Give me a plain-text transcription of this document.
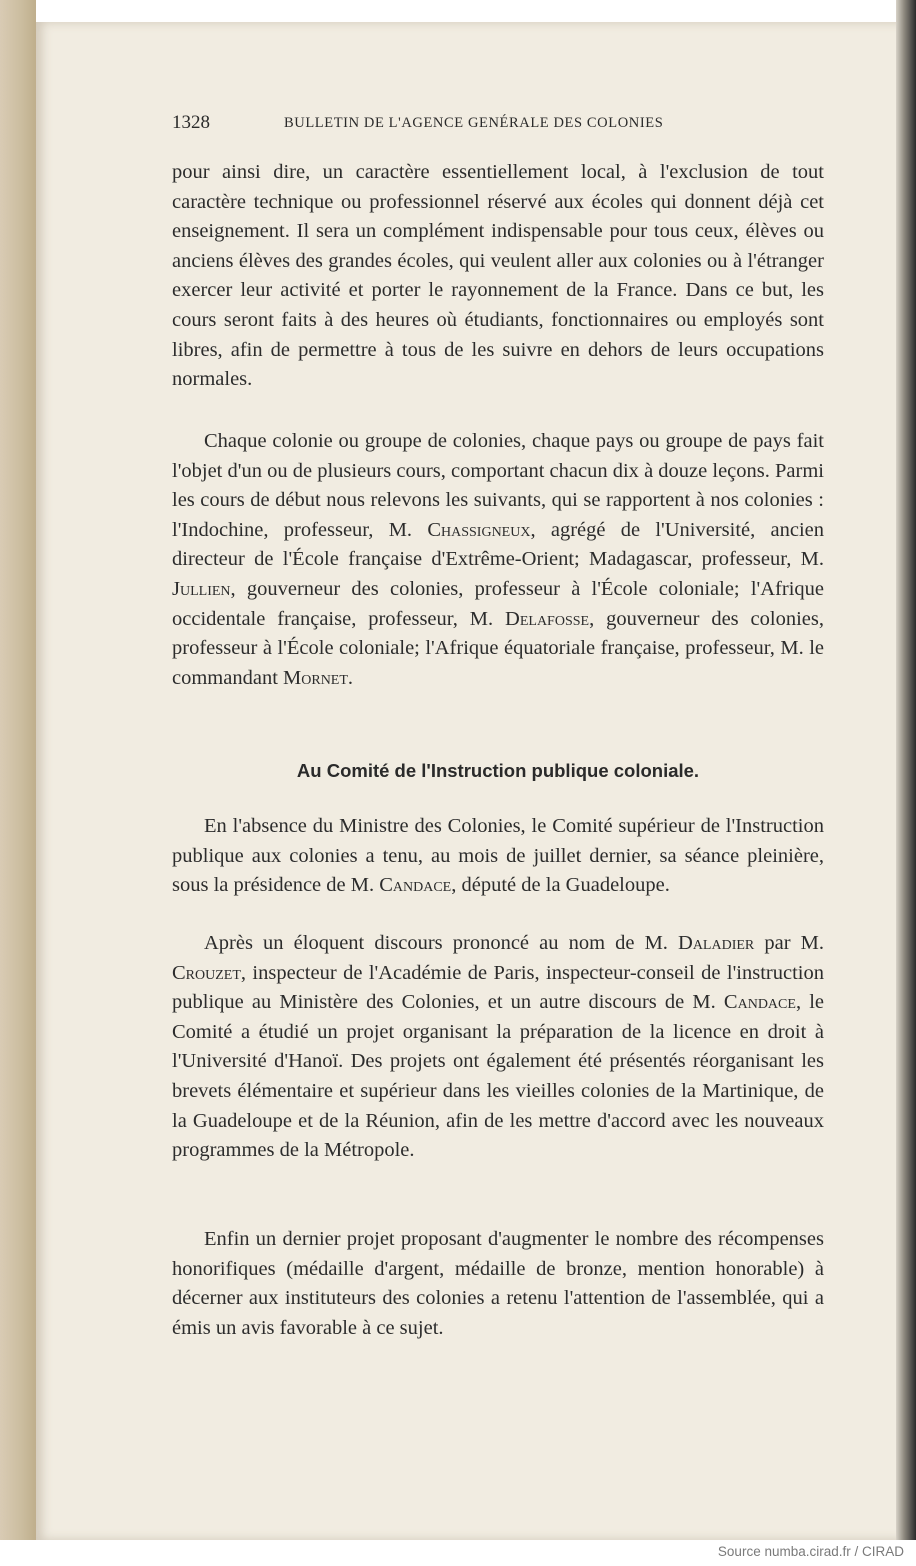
1328	BULLETIN DE L'AGENCE GENÉRALE DES COLONIES

pour ainsi dire, un caractère essentiellement local, à l'exclusion de tout caractère technique ou professionnel réservé aux écoles qui donnent déjà cet enseignement. Il sera un complément indispensable pour tous ceux, élèves ou anciens élèves des grandes écoles, qui veulent aller aux colonies ou à l'étranger exercer leur activité et porter le rayonnement de la France. Dans ce but, les cours seront faits à des heures où étudiants, fonctionnaires ou employés sont libres, afin de permettre à tous de les suivre en dehors de leurs occupations normales.

Chaque colonie ou groupe de colonies, chaque pays ou groupe de pays fait l'objet d'un ou de plusieurs cours, comportant chacun dix à douze leçons. Parmi les cours de début nous relevons les suivants, qui se rapportent à nos colonies : l'Indochine, professeur, M. Chassigneux, agrégé de l'Université, ancien directeur de l'École française d'Extrême-Orient; Madagascar, professeur, M. Jullien, gouverneur des colonies, professeur à l'École coloniale; l'Afrique occidentale française, professeur, M. Delafosse, gouverneur des colonies, professeur à l'École coloniale; l'Afrique équatoriale française, professeur, M. le commandant Mornet.

Au Comité de l'Instruction publique coloniale.

En l'absence du Ministre des Colonies, le Comité supérieur de l'Instruction publique aux colonies a tenu, au mois de juillet dernier, sa séance pleinière, sous la présidence de M. Candace, député de la Guadeloupe.

Après un éloquent discours prononcé au nom de M. Daladier par M. Crouzet, inspecteur de l'Académie de Paris, inspecteur-conseil de l'instruction publique au Ministère des Colonies, et un autre discours de M. Candace, le Comité a étudié un projet organisant la préparation de la licence en droit à l'Université d'Hanoï. Des projets ont également été présentés réorganisant les brevets élémentaire et supérieur dans les vieilles colonies de la Martinique, de la Guadeloupe et de la Réunion, afin de les mettre d'accord avec les nouveaux programmes de la Métropole.

Enfin un dernier projet proposant d'augmenter le nombre des récompenses honorifiques (médaille d'argent, médaille de bronze, mention honorable) à décerner aux instituteurs des colonies a retenu l'attention de l'assemblée, qui a émis un avis favorable à ce sujet.

Source numba.cirad.fr / CIRAD
